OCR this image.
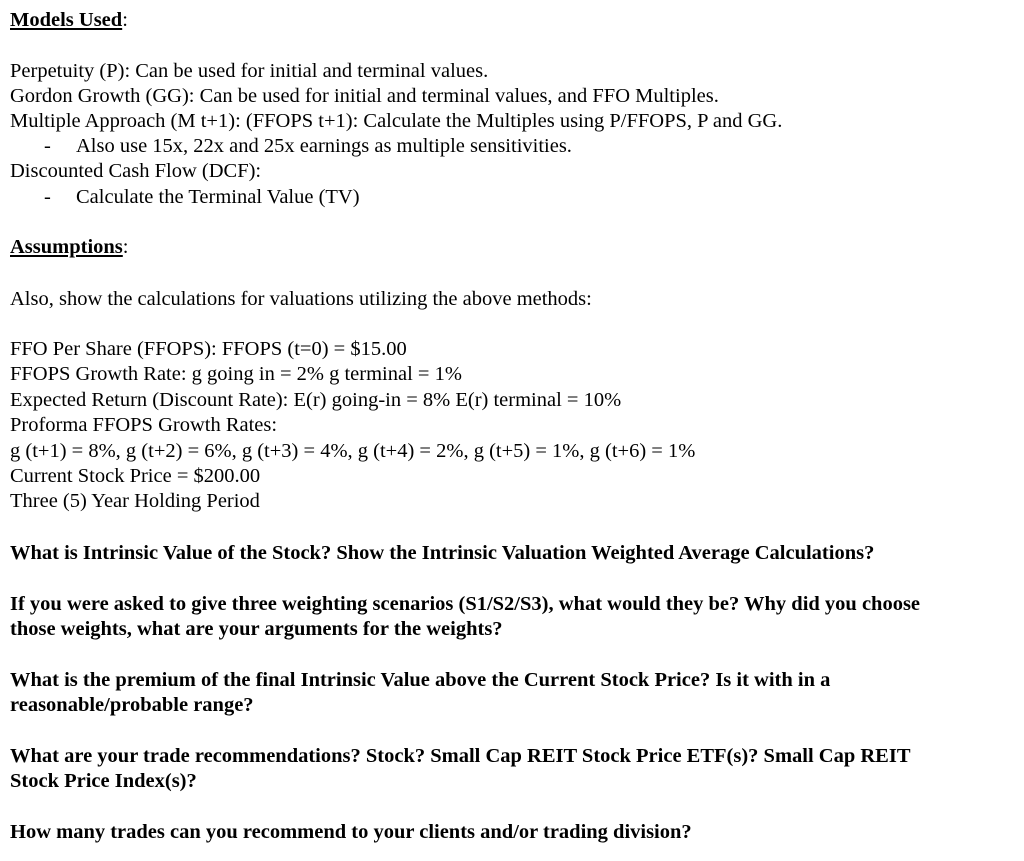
Models Used:
Perpetuity (P): Can be used for initial and terminal values.
Gordon Growth (GG): Can be used for initial and terminal values, and FFO Multiples.
Multiple Approach (M t+1): (FFOPS t+1): Calculate the Multiples using P/FFOPS, P and GG.
- Also use 15x, 22x and 25x earnings as multiple sensitivities.
Discounted Cash Flow (DCF):
- Calculate the Terminal Value (TV)
Assumptions:
Also, show the calculations for valuations utilizing the above methods:
FFO Per Share (FFOPS): FFOPS (t=0) = $15.00
FFOPS Growth Rate: g going in = 2% g terminal = 1%
Expected Return (Discount Rate): E(r) going-in = 8% E(r) terminal = 10%
Proforma FFOPS Growth Rates:
g (t+1) = 8%, g (t+2) = 6%, g (t+3) = 4%, g (t+4) = 2%, g (t+5) = 1%, g (t+6) = 1%
Current Stock Price = $200.00
Three (5) Year Holding Period
What is Intrinsic Value of the Stock? Show the Intrinsic Valuation Weighted Average Calculations?
If you were asked to give three weighting scenarios (S1/S2/S3), what would they be? Why did you choose
those weights, what are your arguments for the weights?
What is the premium of the final Intrinsic Value above the Current Stock Price? Is it with in a
reasonable/probable range?
What are your trade recommendations? Stock? Small Cap REIT Stock Price ETF(s)? Small Cap REIT
Stock Price Index(s)?
How many trades can you recommend to your clients and/or trading division?
